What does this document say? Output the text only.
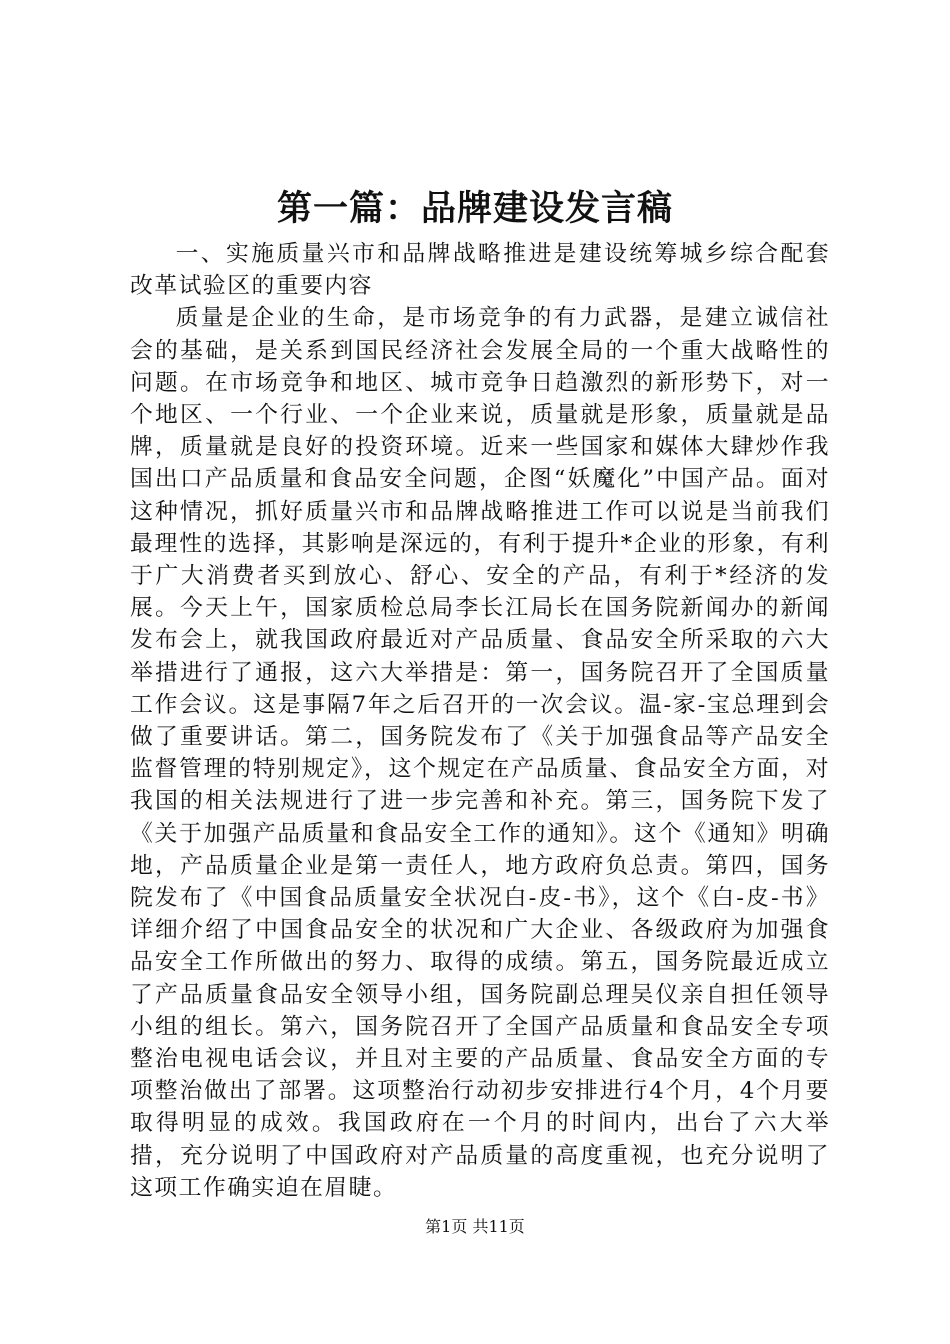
第一篇：品牌建设发言稿

一、实施质量兴市和品牌战略推进是建设统筹城乡综合配套改革试验区的重要内容

质量是企业的生命，是市场竞争的有力武器，是建立诚信社会的基础，是关系到国民经济社会发展全局的一个重大战略性的问题。在市场竞争和地区、城市竞争日趋激烈的新形势下，对一个地区、一个行业、一个企业来说，质量就是形象，质量就是品牌，质量就是良好的投资环境。近来一些国家和媒体大肆炒作我国出口产品质量和食品安全问题，企图“妖魔化”中国产品。面对这种情况，抓好质量兴市和品牌战略推进工作可以说是当前我们最理性的选择，其影响是深远的，有利于提升*企业的形象，有利于广大消费者买到放心、舒心、安全的产品，有利于*经济的发展。今天上午，国家质检总局李长江局长在国务院新闻办的新闻发布会上，就我国政府最近对产品质量、食品安全所采取的六大举措进行了通报，这六大举措是：第一，国务院召开了全国质量工作会议。这是事隔7年之后召开的一次会议。温-家-宝总理到会做了重要讲话。第二，国务院发布了《关于加强食品等产品安全监督管理的特别规定》，这个规定在产品质量、食品安全方面，对我国的相关法规进行了进一步完善和补充。第三，国务院下发了《关于加强产品质量和食品安全工作的通知》。这个《通知》明确地，产品质量企业是第一责任人，地方政府负总责。第四，国务院发布了《中国食品质量安全状况白-皮-书》，这个《白-皮-书》详细介绍了中国食品安全的状况和广大企业、各级政府为加强食品安全工作所做出的努力、取得的成绩。第五，国务院最近成立了产品质量食品安全领导小组，国务院副总理吴仪亲自担任领导小组的组长。第六，国务院召开了全国产品质量和食品安全专项整治电视电话会议，并且对主要的产品质量、食品安全方面的专项整治做出了部署。这项整治行动初步安排进行4个月，4个月要取得明显的成效。我国政府在一个月的时间内，出台了六大举措，充分说明了中国政府对产品质量的高度重视，也充分说明了这项工作确实迫在眉睫。

第1页 共11页
